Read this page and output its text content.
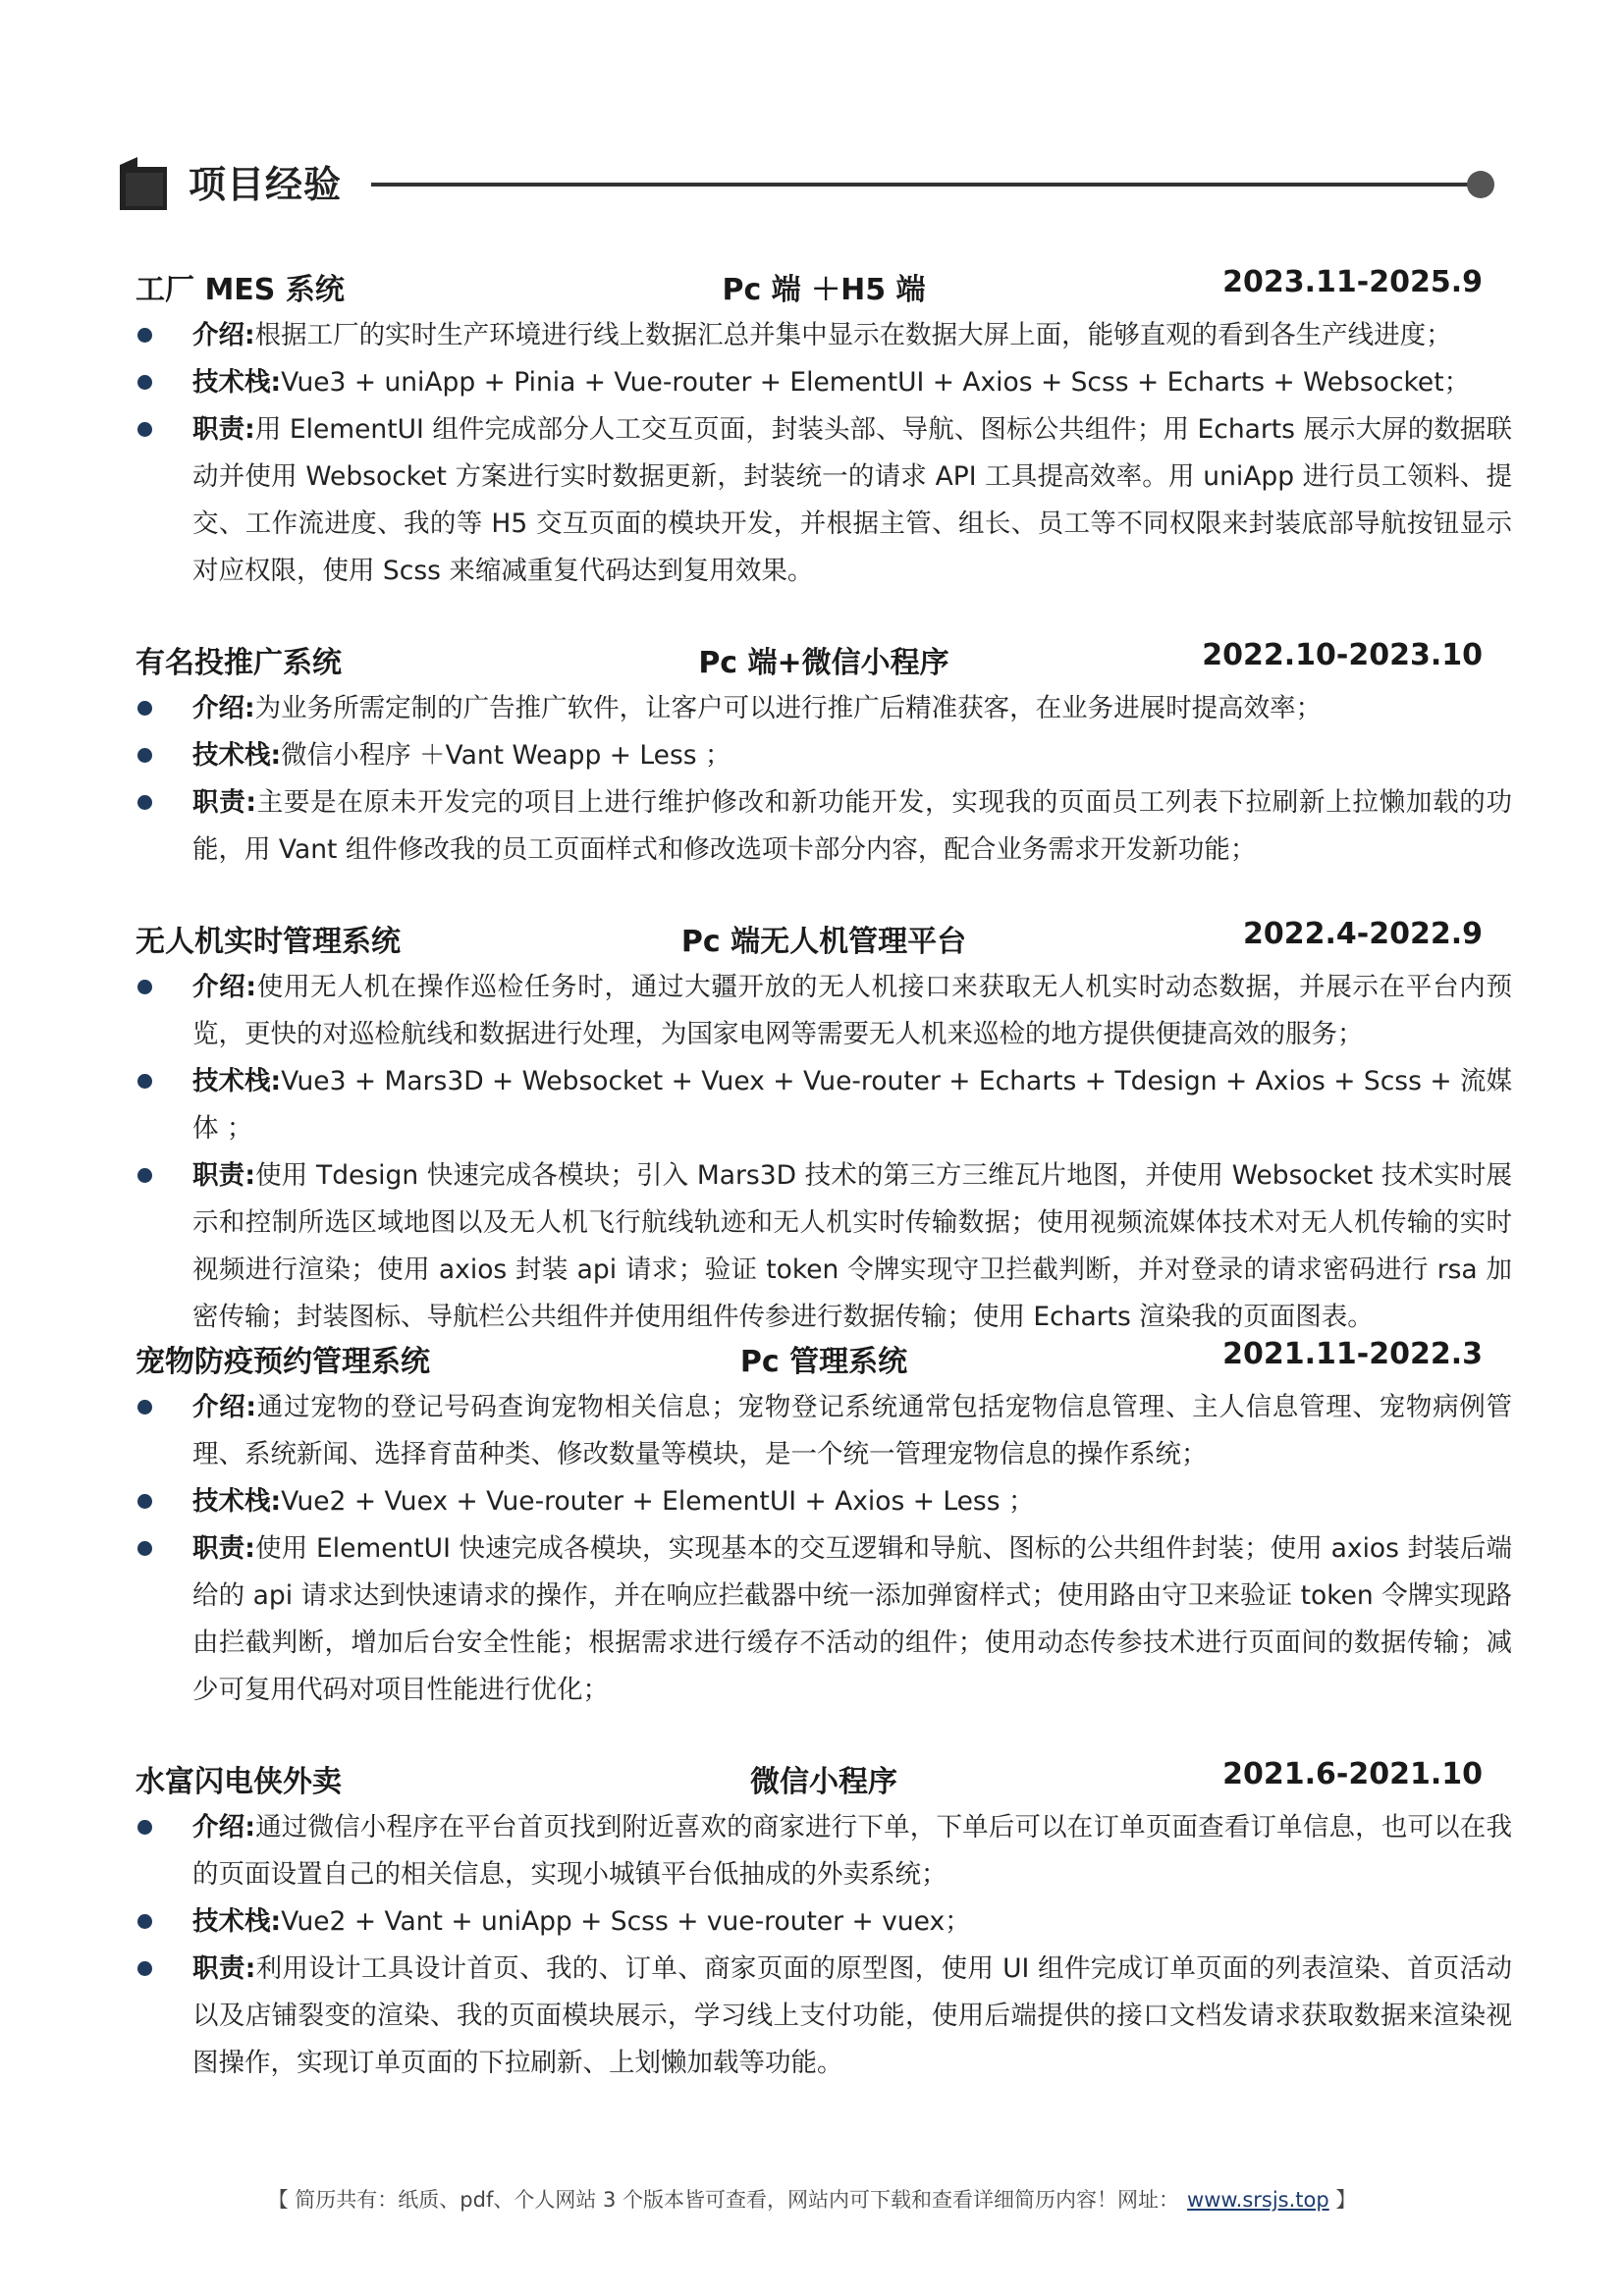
项目经验
工厂 MES 系统	Pc 端 ＋H5 端	2023.11-2025.9
介绍:根据工厂的实时生产环境进行线上数据汇总并集中显示在数据大屏上面，能够直观的看到各生产线进度；
技术栈:Vue3 + uniApp + Pinia + Vue-router + ElementUI + Axios + Scss + Echarts + Websocket；
职责:用 ElementUI 组件完成部分人工交互页面，封装头部、导航、图标公共组件；用 Echarts 展示大屏的数据联动并使用 Websocket 方案进行实时数据更新，封装统一的请求 API 工具提高效率。用 uniApp 进行员工领料、提交、工作流进度、我的等 H5 交互页面的模块开发，并根据主管、组长、员工等不同权限来封装底部导航按钮显示对应权限，使用 Scss 来缩减重复代码达到复用效果。
有名投推广系统	Pc 端+微信小程序	2022.10-2023.10
介绍:为业务所需定制的广告推广软件，让客户可以进行推广后精准获客，在业务进展时提高效率；
技术栈:微信小程序 ＋Vant Weapp + Less ；
职责:主要是在原未开发完的项目上进行维护修改和新功能开发，实现我的页面员工列表下拉刷新上拉懒加载的功能，用 Vant 组件修改我的员工页面样式和修改选项卡部分内容，配合业务需求开发新功能；
无人机实时管理系统	Pc 端无人机管理平台	2022.4-2022.9
介绍:使用无人机在操作巡检任务时，通过大疆开放的无人机接口来获取无人机实时动态数据，并展示在平台内预览，更快的对巡检航线和数据进行处理，为国家电网等需要无人机来巡检的地方提供便捷高效的服务；
技术栈:Vue3 + Mars3D + Websocket + Vuex + Vue-router + Echarts + Tdesign + Axios + Scss + 流媒体 ；
职责:使用 Tdesign 快速完成各模块；引入 Mars3D 技术的第三方三维瓦片地图，并使用 Websocket 技术实时展示和控制所选区域地图以及无人机飞行航线轨迹和无人机实时传输数据；使用视频流媒体技术对无人机传输的实时视频进行渲染；使用 axios 封装 api 请求；验证 token 令牌实现守卫拦截判断，并对登录的请求密码进行 rsa 加密传输；封装图标、导航栏公共组件并使用组件传参进行数据传输；使用 Echarts 渲染我的页面图表。
宠物防疫预约管理系统	Pc 管理系统	2021.11-2022.3
介绍:通过宠物的登记号码查询宠物相关信息；宠物登记系统通常包括宠物信息管理、主人信息管理、宠物病例管理、系统新闻、选择育苗种类、修改数量等模块，是一个统一管理宠物信息的操作系统；
技术栈:Vue2 + Vuex + Vue-router + ElementUI + Axios + Less ；
职责:使用 ElementUI 快速完成各模块，实现基本的交互逻辑和导航、图标的公共组件封装；使用 axios 封装后端给的 api 请求达到快速请求的操作，并在响应拦截器中统一添加弹窗样式；使用路由守卫来验证 token 令牌实现路由拦截判断，增加后台安全性能；根据需求进行缓存不活动的组件；使用动态传参技术进行页面间的数据传输；减少可复用代码对项目性能进行优化；
水富闪电侠外卖	微信小程序	2021.6-2021.10
介绍:通过微信小程序在平台首页找到附近喜欢的商家进行下单，下单后可以在订单页面查看订单信息，也可以在我的页面设置自己的相关信息，实现小城镇平台低抽成的外卖系统；
技术栈:Vue2 + Vant + uniApp + Scss + vue-router + vuex；
职责:利用设计工具设计首页、我的、订单、商家页面的原型图，使用 UI 组件完成订单页面的列表渲染、首页活动以及店铺裂变的渲染、我的页面模块展示，学习线上支付功能，使用后端提供的接口文档发请求获取数据来渲染视图操作，实现订单页面的下拉刷新、上划懒加载等功能。
【 简历共有：纸质、pdf、个人网站 3 个版本皆可查看，网站内可下载和查看详细简历内容！网址： www.srsjs.top 】
